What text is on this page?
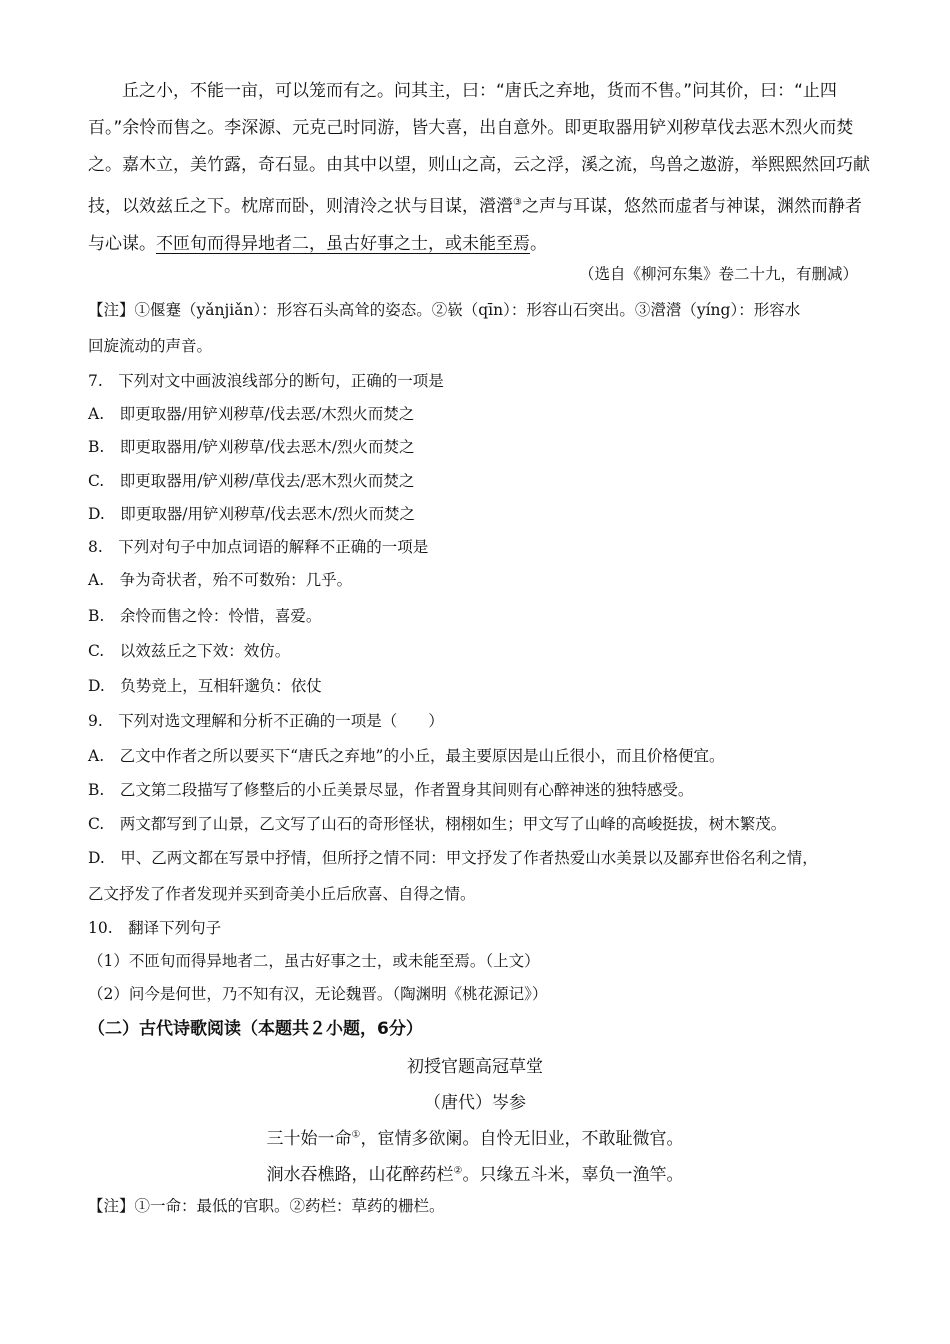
丘之小，不能一亩，可以笼而有之。问其主，曰：“唐氏之弃地，货而不售。”问其价，曰：“止四
百。”余怜而售之。李深源、元克己时同游，皆大喜，出自意外。即更取器用铲刈秽草伐去恶木烈火而焚
之。嘉木立，美竹露，奇石显。由其中以望，则山之高，云之浮，溪之流，鸟兽之遨游，举熙熙然回巧献
技，以效兹丘之下。枕席而卧，则清泠之状与目谋，瀯瀯③之声与耳谋，悠然而虚者与神谋，渊然而静者
与心谋。不匝旬而得异地者二，虽古好事之士，或未能至焉。
（选自《柳河东集》卷二十九，有删减）
【注】①偃蹇（yǎnjiǎn）：形容石头高耸的姿态。②嵚（qīn）：形容山石突出。③瀯瀯（yíng）：形容水
回旋流动的声音。
7.　下列对文中画波浪线部分的断句，正确的一项是
A.　即更取器/用铲刈秽草/伐去恶/木烈火而焚之
B.　即更取器用/铲刈秽草/伐去恶木/烈火而焚之
C.　即更取器用/铲刈秽/草伐去/恶木烈火而焚之
D.　即更取器/用铲刈秽草/伐去恶木/烈火而焚之
8.　下列对句子中加点词语的解释不正确的一项是
A.　争为奇状者，殆不可数殆：几乎。
B.　余怜而售之怜：怜惜，喜爱。
C.　以效兹丘之下效：效仿。
D.　负势竞上，互相轩邈负：依仗
9.　下列对选文理解和分析不正确的一项是（　　）
A.　乙文中作者之所以要买下“唐氏之弃地”的小丘，最主要原因是山丘很小，而且价格便宜。
B.　乙文第二段描写了修整后的小丘美景尽显，作者置身其间则有心醉神迷的独特感受。
C.　两文都写到了山景，乙文写了山石的奇形怪状，栩栩如生；甲文写了山峰的高峻挺拔，树木繁茂。
D.　甲、乙两文都在写景中抒情，但所抒之情不同：甲文抒发了作者热爱山水美景以及鄙弃世俗名利之情，
乙文抒发了作者发现并买到奇美小丘后欣喜、自得之情。
10.　翻译下列句子
（1）不匝旬而得异地者二，虽古好事之士，或未能至焉。（上文）
（2）问今是何世，乃不知有汉，无论魏晋。（陶渊明《桃花源记》）
（二）古代诗歌阅读（本题共２小题，6分）
初授官题高冠草堂
（唐代）岑参
三十始一命①，宦情多欲阑。自怜无旧业，不敢耻微官。
涧水吞樵路，山花醉药栏②。只缘五斗米，辜负一渔竿。
【注】①一命：最低的官职。②药栏：草药的栅栏。
